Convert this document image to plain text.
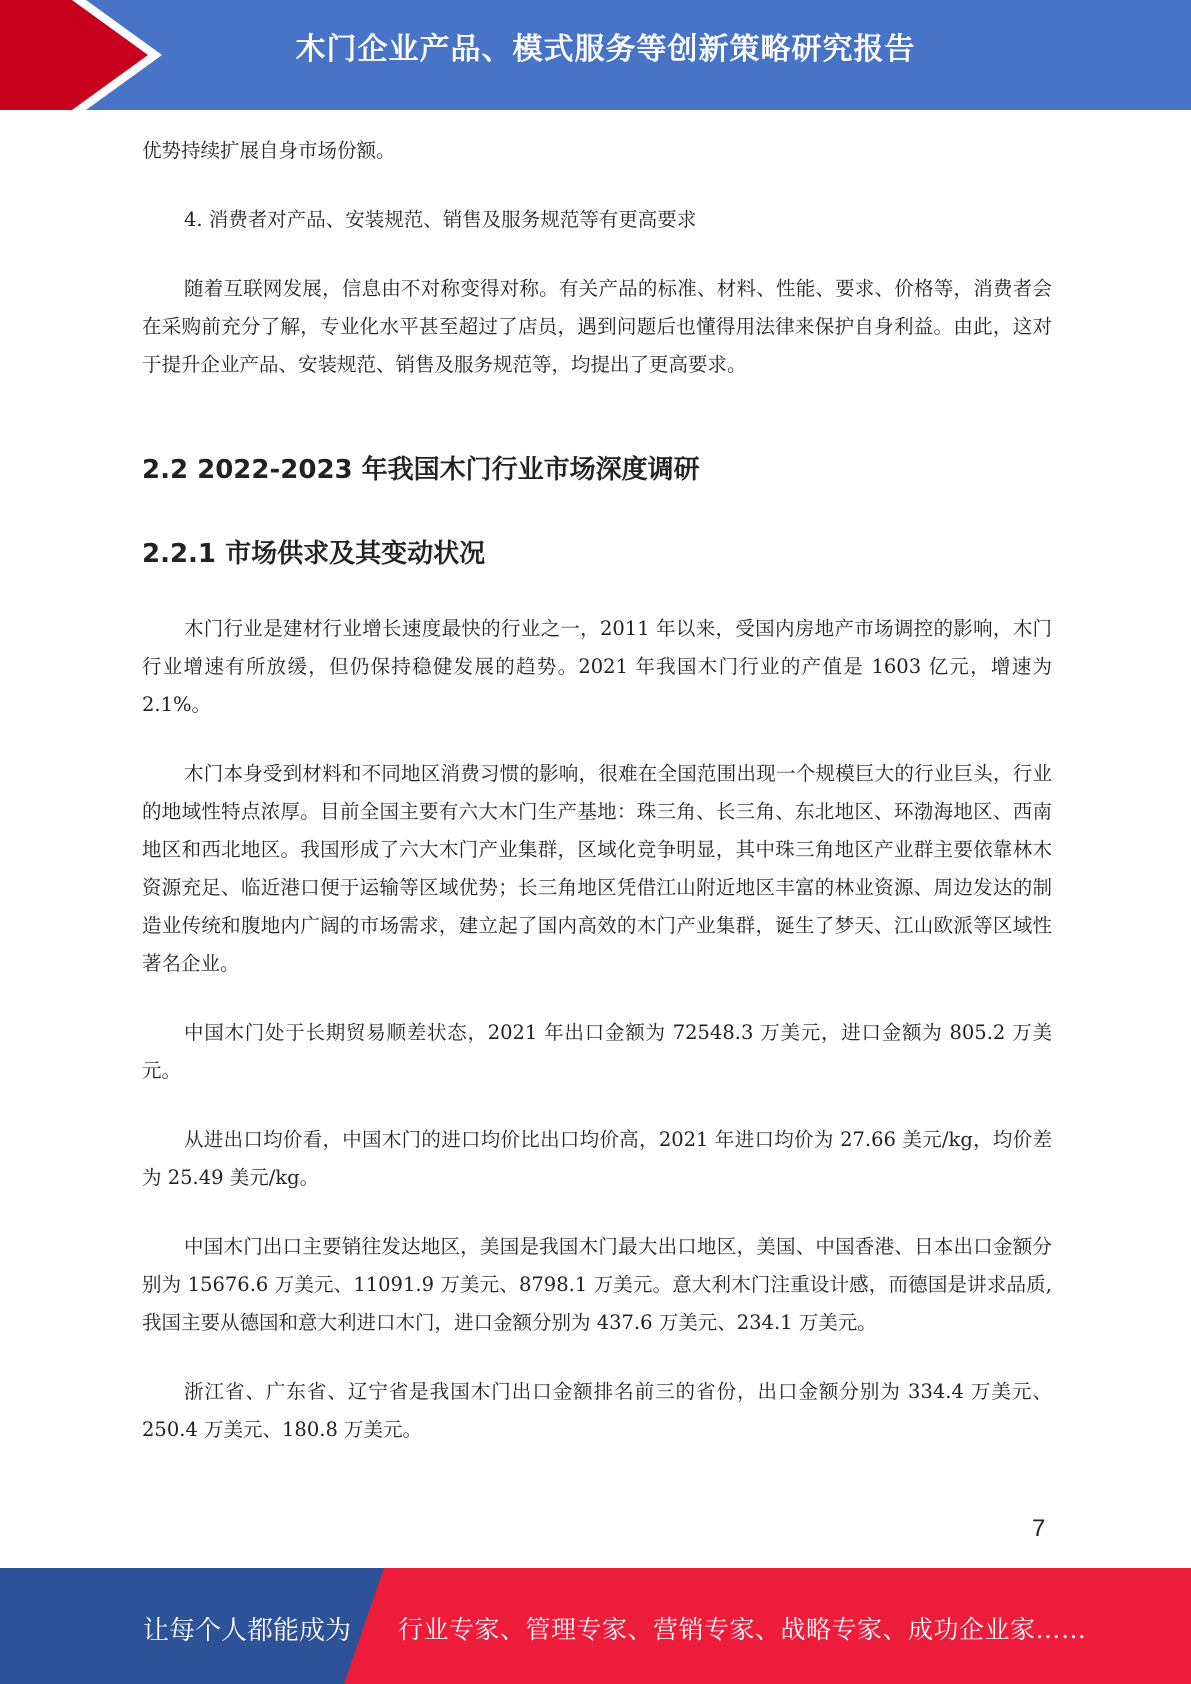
木门企业产品、模式服务等创新策略研究报告

优势持续扩展自身市场份额。

4. 消费者对产品、安装规范、销售及服务规范等有更高要求

随着互联网发展，信息由不对称变得对称。有关产品的标准、材料、性能、要求、价格等，消费者会在采购前充分了解，专业化水平甚至超过了店员，遇到问题后也懂得用法律来保护自身利益。由此，这对于提升企业产品、安装规范、销售及服务规范等，均提出了更高要求。

2.2 2022-2023 年我国木门行业市场深度调研
2.2.1 市场供求及其变动状况

木门行业是建材行业增长速度最快的行业之一，2011 年以来，受国内房地产市场调控的影响，木门行业增速有所放缓，但仍保持稳健发展的趋势。2021 年我国木门行业的产值是 1603 亿元，增速为 2.1%。

木门本身受到材料和不同地区消费习惯的影响，很难在全国范围出现一个规模巨大的行业巨头，行业的地域性特点浓厚。目前全国主要有六大木门生产基地：珠三角、长三角、东北地区、环渤海地区、西南地区和西北地区。我国形成了六大木门产业集群，区域化竞争明显，其中珠三角地区产业群主要依靠林木资源充足、临近港口便于运输等区域优势；长三角地区凭借江山附近地区丰富的林业资源、周边发达的制造业传统和腹地内广阔的市场需求，建立起了国内高效的木门产业集群，诞生了梦天、江山欧派等区域性著名企业。

中国木门处于长期贸易顺差状态，2021 年出口金额为 72548.3 万美元，进口金额为 805.2 万美元。

从进出口均价看，中国木门的进口均价比出口均价高，2021 年进口均价为 27.66 美元/kg，均价差为 25.49 美元/kg。

中国木门出口主要销往发达地区，美国是我国木门最大出口地区，美国、中国香港、日本出口金额分别为 15676.6 万美元、11091.9 万美元、8798.1 万美元。意大利木门注重设计感，而德国是讲求品质,我国主要从德国和意大利进口木门，进口金额分别为 437.6 万美元、234.1 万美元。

浙江省、广东省、辽宁省是我国木门出口金额排名前三的省份，出口金额分别为 334.4 万美元、250.4 万美元、180.8 万美元。

7
让每个人都能成为 行业专家、管理专家、营销专家、战略专家、成功企业家……
